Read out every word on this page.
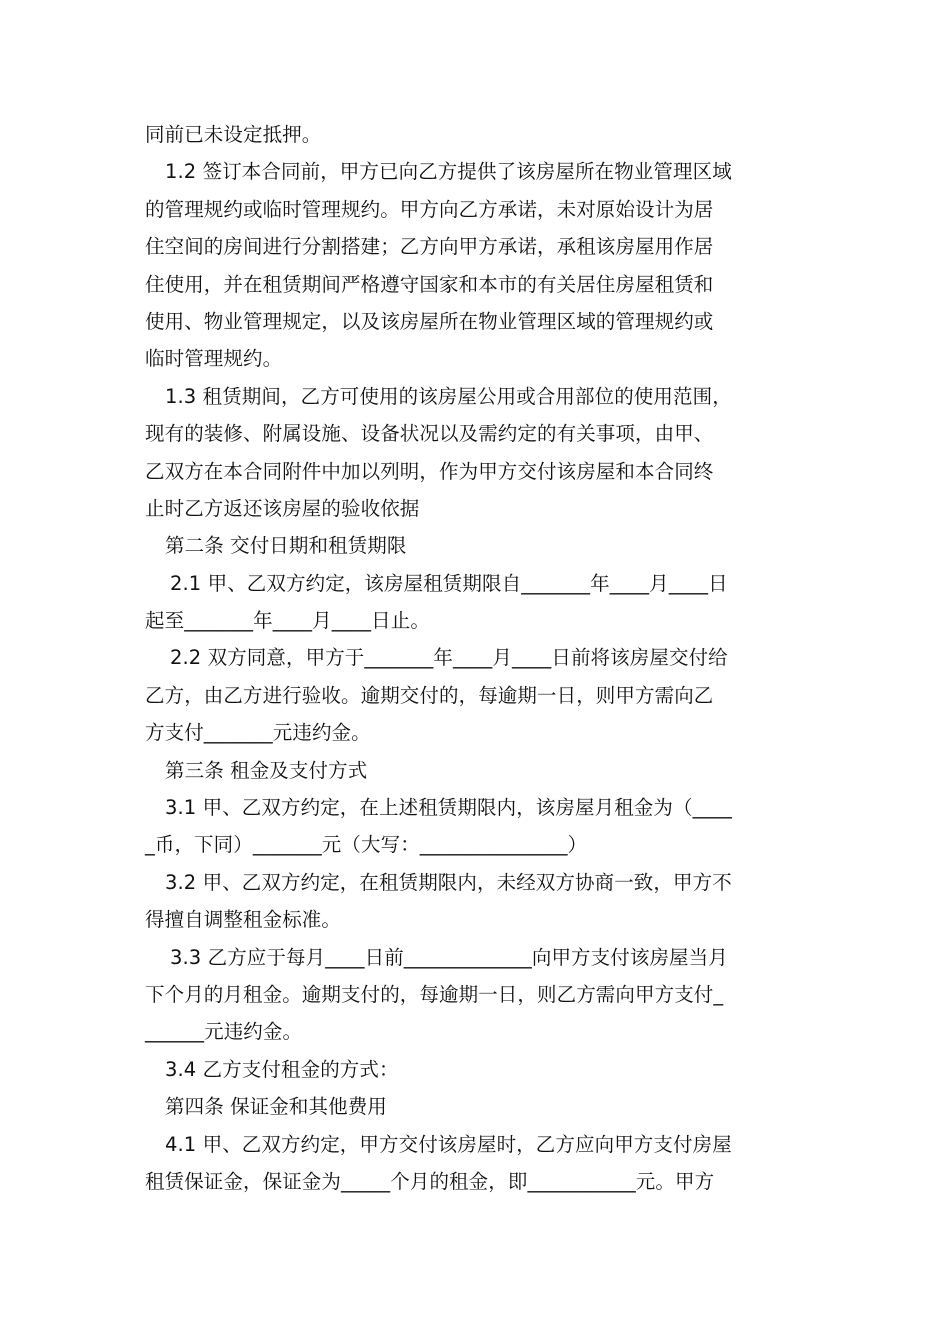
同前已未设定抵押。
1.2 签订本合同前，甲方已向乙方提供了该房屋所在物业管理区域
的管理规约或临时管理规约。甲方向乙方承诺，未对原始设计为居
住空间的房间进行分割搭建；乙方向甲方承诺，承租该房屋用作居
住使用，并在租赁期间严格遵守国家和本市的有关居住房屋租赁和
使用、物业管理规定，以及该房屋所在物业管理区域的管理规约或
临时管理规约。
1.3 租赁期间，乙方可使用的该房屋公用或合用部位的使用范围，
现有的装修、附属设施、设备状况以及需约定的有关事项，由甲、
乙双方在本合同附件中加以列明，作为甲方交付该房屋和本合同终
止时乙方返还该房屋的验收依据
第二条 交付日期和租赁期限
2.1 甲、乙双方约定，该房屋租赁期限自_______年____月____日
起至_______年____月____日止。
2.2 双方同意，甲方于_______年____月____日前将该房屋交付给
乙方，由乙方进行验收。逾期交付的，每逾期一日，则甲方需向乙
方支付_______元违约金。
第三条 租金及支付方式
3.1 甲、乙双方约定，在上述租赁期限内，该房屋月租金为（____
_币，下同）_______元（大写：_______________）
3.2 甲、乙双方约定，在租赁期限内，未经双方协商一致，甲方不
得擅自调整租金标准。
3.3 乙方应于每月____日前_____________向甲方支付该房屋当月
下个月的月租金。逾期支付的，每逾期一日，则乙方需向甲方支付_
______元违约金。
3.4 乙方支付租金的方式：
第四条 保证金和其他费用
4.1 甲、乙双方约定，甲方交付该房屋时，乙方应向甲方支付房屋
租赁保证金，保证金为_____个月的租金，即___________元。甲方
